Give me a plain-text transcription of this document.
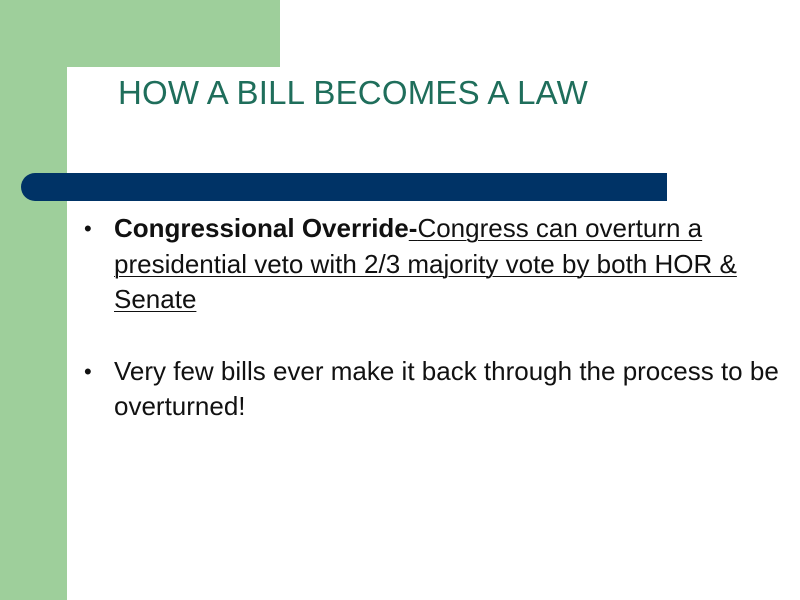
HOW A BILL BECOMES A LAW
• Congressional Override-Congress can overturn a presidential veto with 2/3 majority vote by both HOR & Senate
• Very few bills ever make it back through the process to be overturned!
